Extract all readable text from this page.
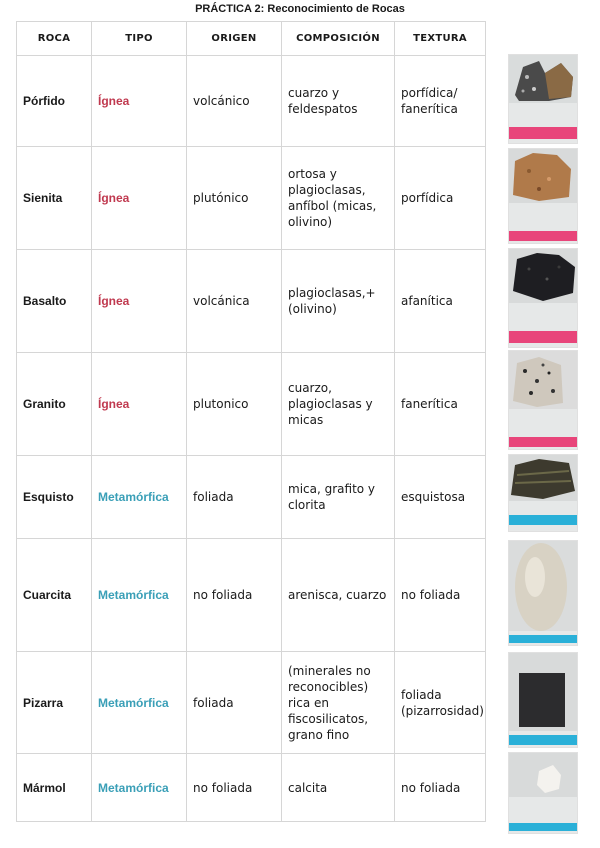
PRÁCTICA 2: Reconocimiento de Rocas
ROCA	TIPO	ORIGEN	COMPOSICIÓN	TEXTURA
Pórfido	Ígnea	volcánico	cuarzo y feldespatos	porfídica/ fanerítica
Sienita	Ígnea	plutónico	ortosa y plagioclasas, anfíbol (micas, olivino)	porfídica
Basalto	Ígnea	volcánica	plagioclasas,+ (olivino)	afanítica
Granito	Ígnea	plutonico	cuarzo, plagioclasas y micas	fanerítica
Esquisto	Metamórfica	foliada	mica, grafito y clorita	esquistosa
Cuarcita	Metamórfica	no foliada	arenisca, cuarzo	no foliada
Pizarra	Metamórfica	foliada	(minerales no reconocibles) rica en fiscosilicatos, grano fino	foliada (pizarrosidad)
Mármol	Metamórfica	no foliada	calcita	no foliada
